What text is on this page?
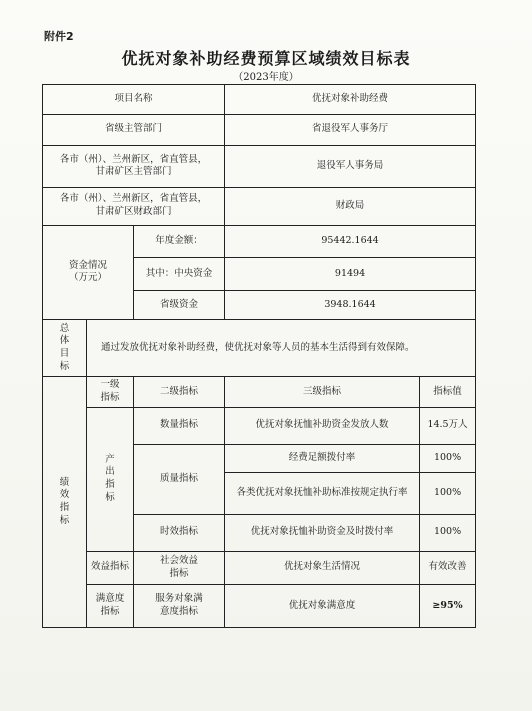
附件2
优抚对象补助经费预算区域绩效目标表
（2023年度）
项目名称			优抚对象补助经费	
省级主管部门			省退役军人事务厅	

各市（州）、兰州新区，省直管县，
甘肃矿区主管部门			退役军人事务局	

各市（州）、兰州新区，省直管县，
甘肃矿区财政部门			财政局	

资金情况
（万元）		年度金额：	95442.1644	
		其中：中央资金	91494	
		省级资金	3948.1644	

总体目标	通过发放优抚对象补助经费，使优抚对象等人员的基本生活得到有效保障。			

绩效指标	一级指标	二级指标	三级指标	指标值

	产出指标	数量指标	优抚对象抚恤补助资金发放人数	14.5万人
		质量指标	经费足额拨付率	100%
			各类优抚对象抚恤补助标准按规定执行率	100%
		时效指标	优抚对象抚恤补助资金及时拨付率	100%
	效益指标	社会效益指标	优抚对象生活情况	有效改善

	满意度指标	服务对象满意度指标	优抚对象满意度	≥95%
